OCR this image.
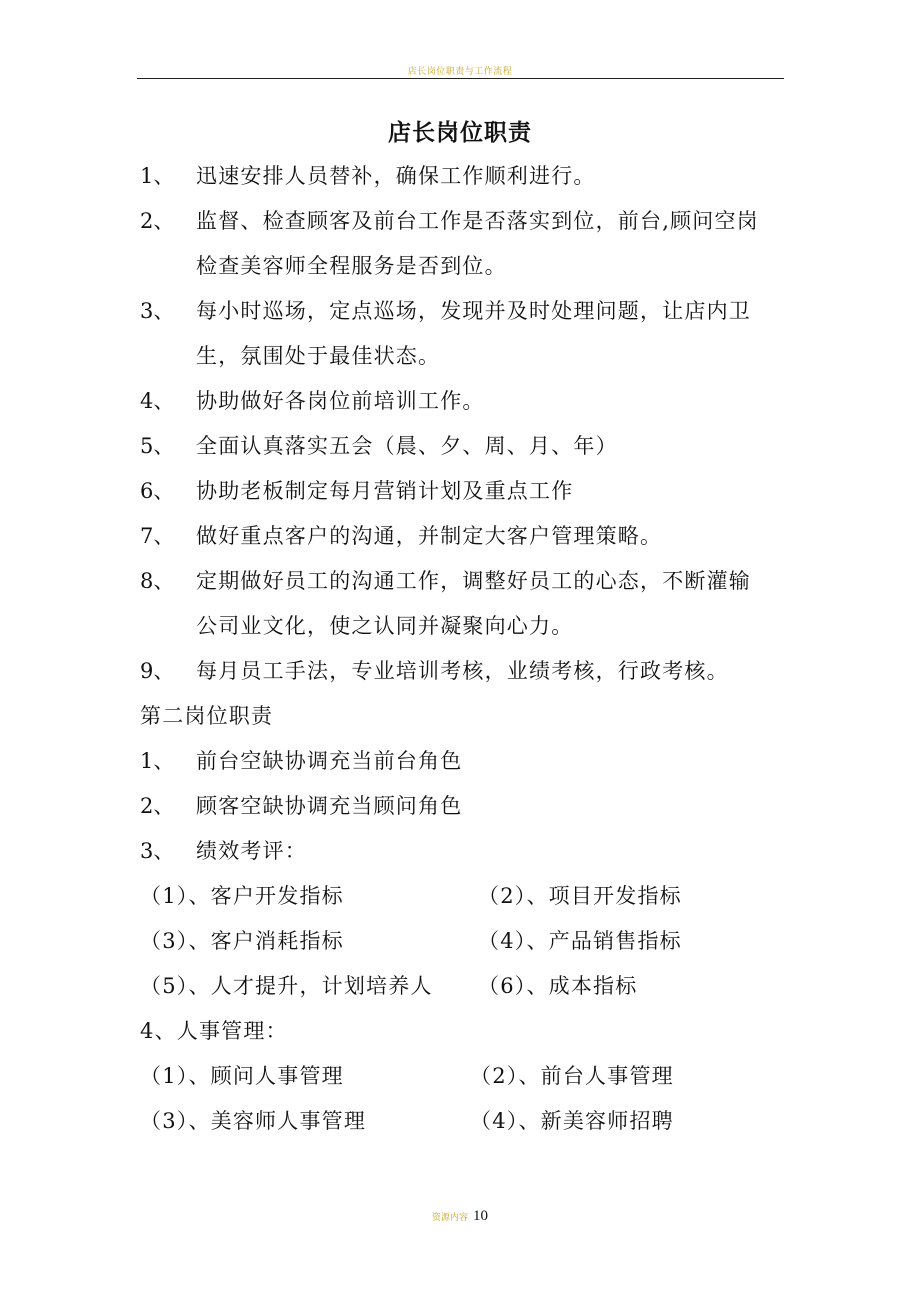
店长岗位职责与工作流程
店长岗位职责
1、 迅速安排人员替补，确保工作顺利进行。
2、 监督、检查顾客及前台工作是否落实到位，前台,顾问空岗
检查美容师全程服务是否到位。
3、 每小时巡场，定点巡场，发现并及时处理问题，让店内卫
生，氛围处于最佳状态。
4、 协助做好各岗位前培训工作。
5、 全面认真落实五会（晨、夕、周、月、年）
6、 协助老板制定每月营销计划及重点工作
7、 做好重点客户的沟通，并制定大客户管理策略。
8、 定期做好员工的沟通工作，调整好员工的心态，不断灌输
公司业文化，使之认同并凝聚向心力。
9、 每月员工手法，专业培训考核，业绩考核，行政考核。
第二岗位职责
1、 前台空缺协调充当前台角色
2、 顾客空缺协调充当顾问角色
3、 绩效考评：
（1）、客户开发指标	（2）、项目开发指标
（3）、客户消耗指标	（4）、产品销售指标
（5）、人才提升，计划培养人 （6）、成本指标
4、人事管理：
（1）、顾问人事管理	（2）、前台人事管理
（3）、美容师人事管理	（4）、新美容师招聘
资源内容 10
